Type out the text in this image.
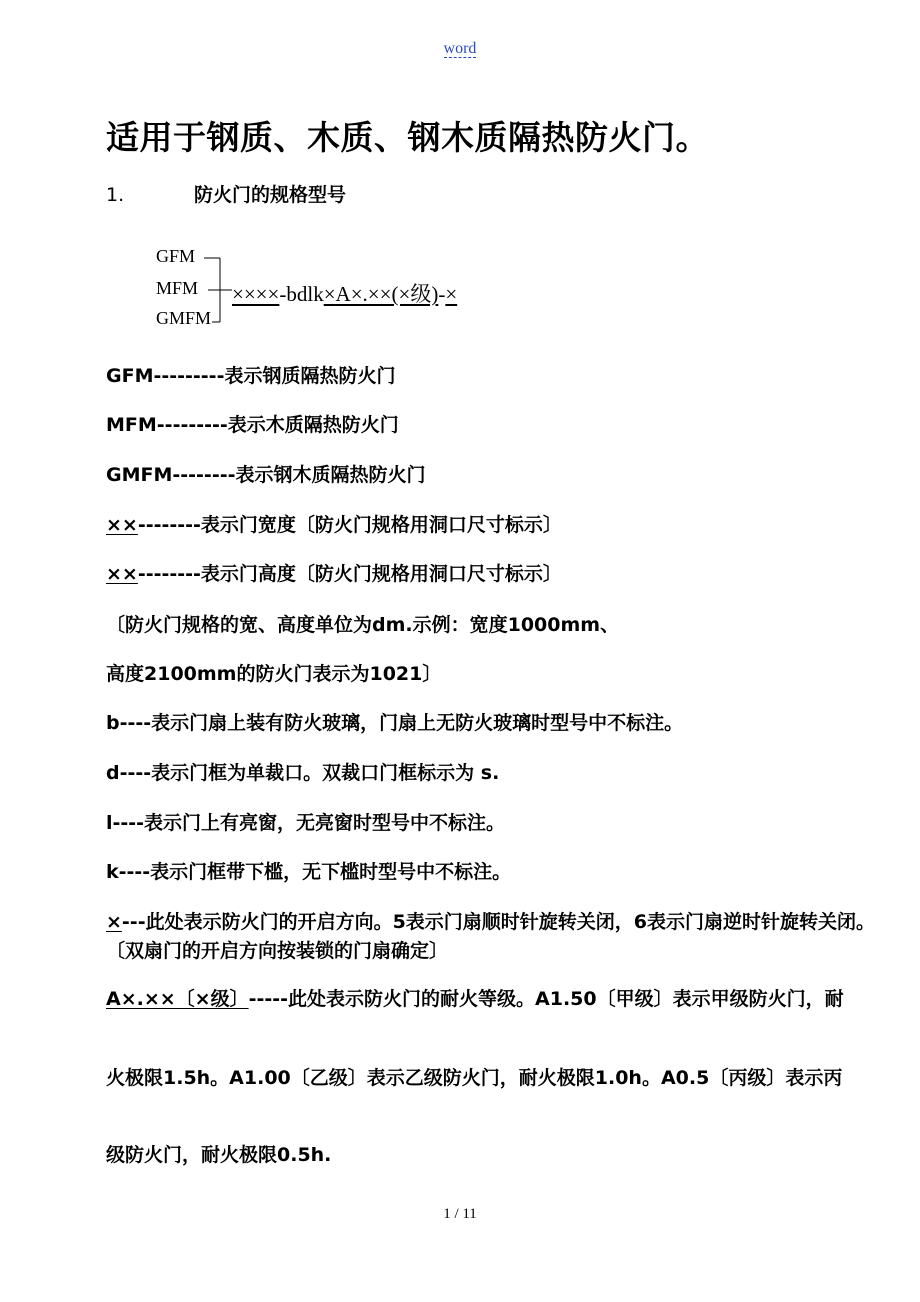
word
适用于钢质、木质、钢木质隔热防火门。
1.	防火门的规格型号
GFM
MFM
GMFM
××××-bdlk×A×.××(×级)-×
GFM---------表示钢质隔热防火门
MFM---------表示木质隔热防火门
GMFM--------表示钢木质隔热防火门
××--------表示门宽度〔防火门规格用洞口尺寸标示〕
××--------表示门高度〔防火门规格用洞口尺寸标示〕
〔防火门规格的宽、高度单位为dm.示例：宽度1000mm、
高度2100mm的防火门表示为1021〕
b----表示门扇上装有防火玻璃，门扇上无防火玻璃时型号中不标注。
d----表示门框为单裁口。双裁口门框标示为 s.
l----表示门上有亮窗，无亮窗时型号中不标注。
k----表示门框带下槛，无下槛时型号中不标注。
×---此处表示防火门的开启方向。5表示门扇顺时针旋转关闭，6表示门扇逆时针旋转关闭。〔双扇门的开启方向按装锁的门扇确定〕
A×.××〔×级〕-----此处表示防火门的耐火等级。A1.50〔甲级〕表示甲级防火门，耐
火极限1.5h。A1.00〔乙级〕表示乙级防火门，耐火极限1.0h。A0.5〔丙级〕表示丙
级防火门，耐火极限0.5h.
1 / 11
